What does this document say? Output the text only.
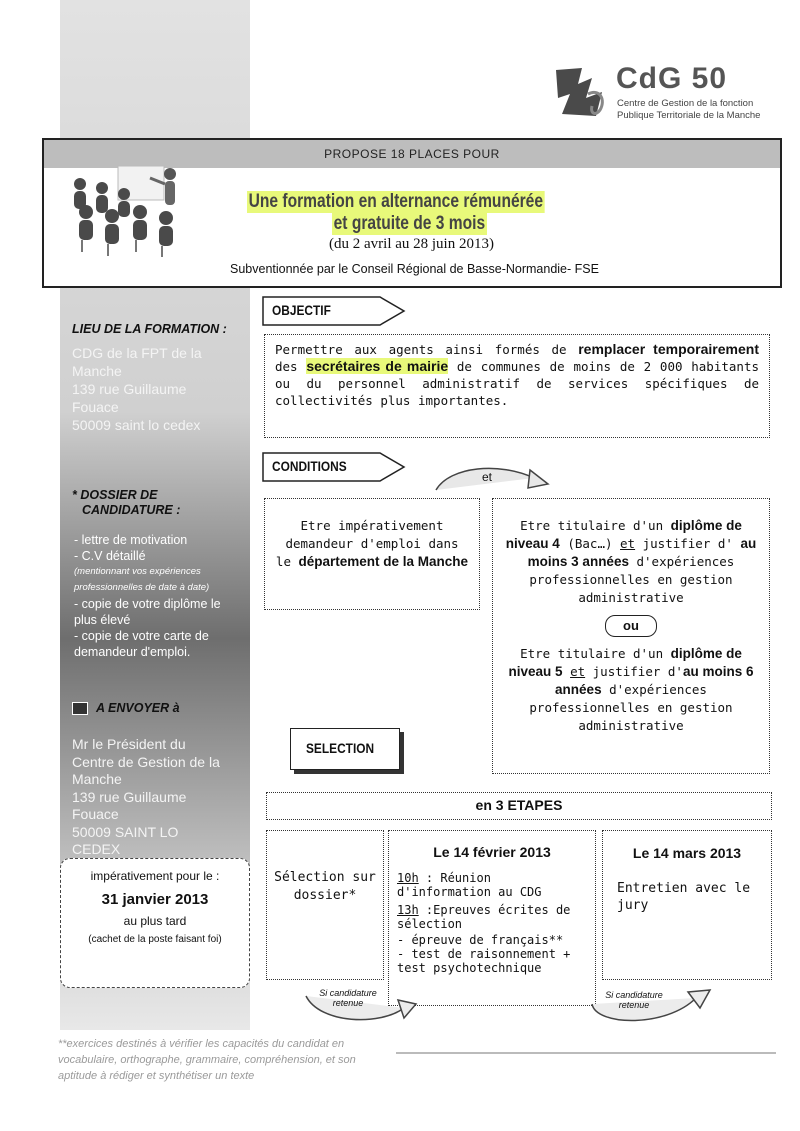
LIEU DE LA FORMATION :
CDG de la FPT de la
Manche
139 rue Guillaume
Fouace
50009 saint lo cedex
* DOSSIER DE
CANDIDATURE :
- lettre de motivation
- C.V détaillé
(mentionnant vos expériences professionnelles de date à date)
- copie de votre diplôme le plus élevé
- copie de votre carte de demandeur d'emploi.
A ENVOYER à
Mr le Président du
Centre de Gestion de la
Manche
139 rue Guillaume
Fouace
50009 SAINT LO
CEDEX
impérativement pour le :
31 janvier 2013
au plus tard
(cachet de la poste faisant foi)
CdG 50
Centre de Gestion de la fonction
Publique Territoriale de la Manche
PROPOSE 18 PLACES POUR
Une formation en alternance rémunérée
et gratuite de 3 mois
(du 2 avril au 28 juin 2013)
Subventionnée par le Conseil Régional de Basse-Normandie- FSE
OBJECTIF
Permettre aux agents ainsi formés de remplacer temporairement des secrétaires de mairie de communes de moins de 2 000 habitants ou du personnel administratif de services spécifiques de collectivités plus importantes.
CONDITIONS
et
Etre impérativement demandeur d'emploi dans le département de la Manche
Etre titulaire d'un diplôme de niveau 4 (Bac…) et justifier d' au moins 3 années d'expériences professionnelles en gestion administrative
ou
Etre titulaire d'un diplôme de niveau 5 et justifier d'au moins 6 années d'expériences professionnelles en gestion administrative
SELECTION
en 3 ETAPES
Sélection sur dossier*
Le 14 février 2013
10h : Réunion d'information au CDG
13h :Epreuves écrites de sélection
- épreuve de français**
- test de raisonnement + test psychotechnique
Le 14 mars 2013
Entretien avec le jury
Si candidature retenue
Si candidature retenue
**exercices destinés à vérifier les capacités du candidat en vocabulaire, orthographe, grammaire, compréhension, et son aptitude à rédiger et synthétiser un texte
